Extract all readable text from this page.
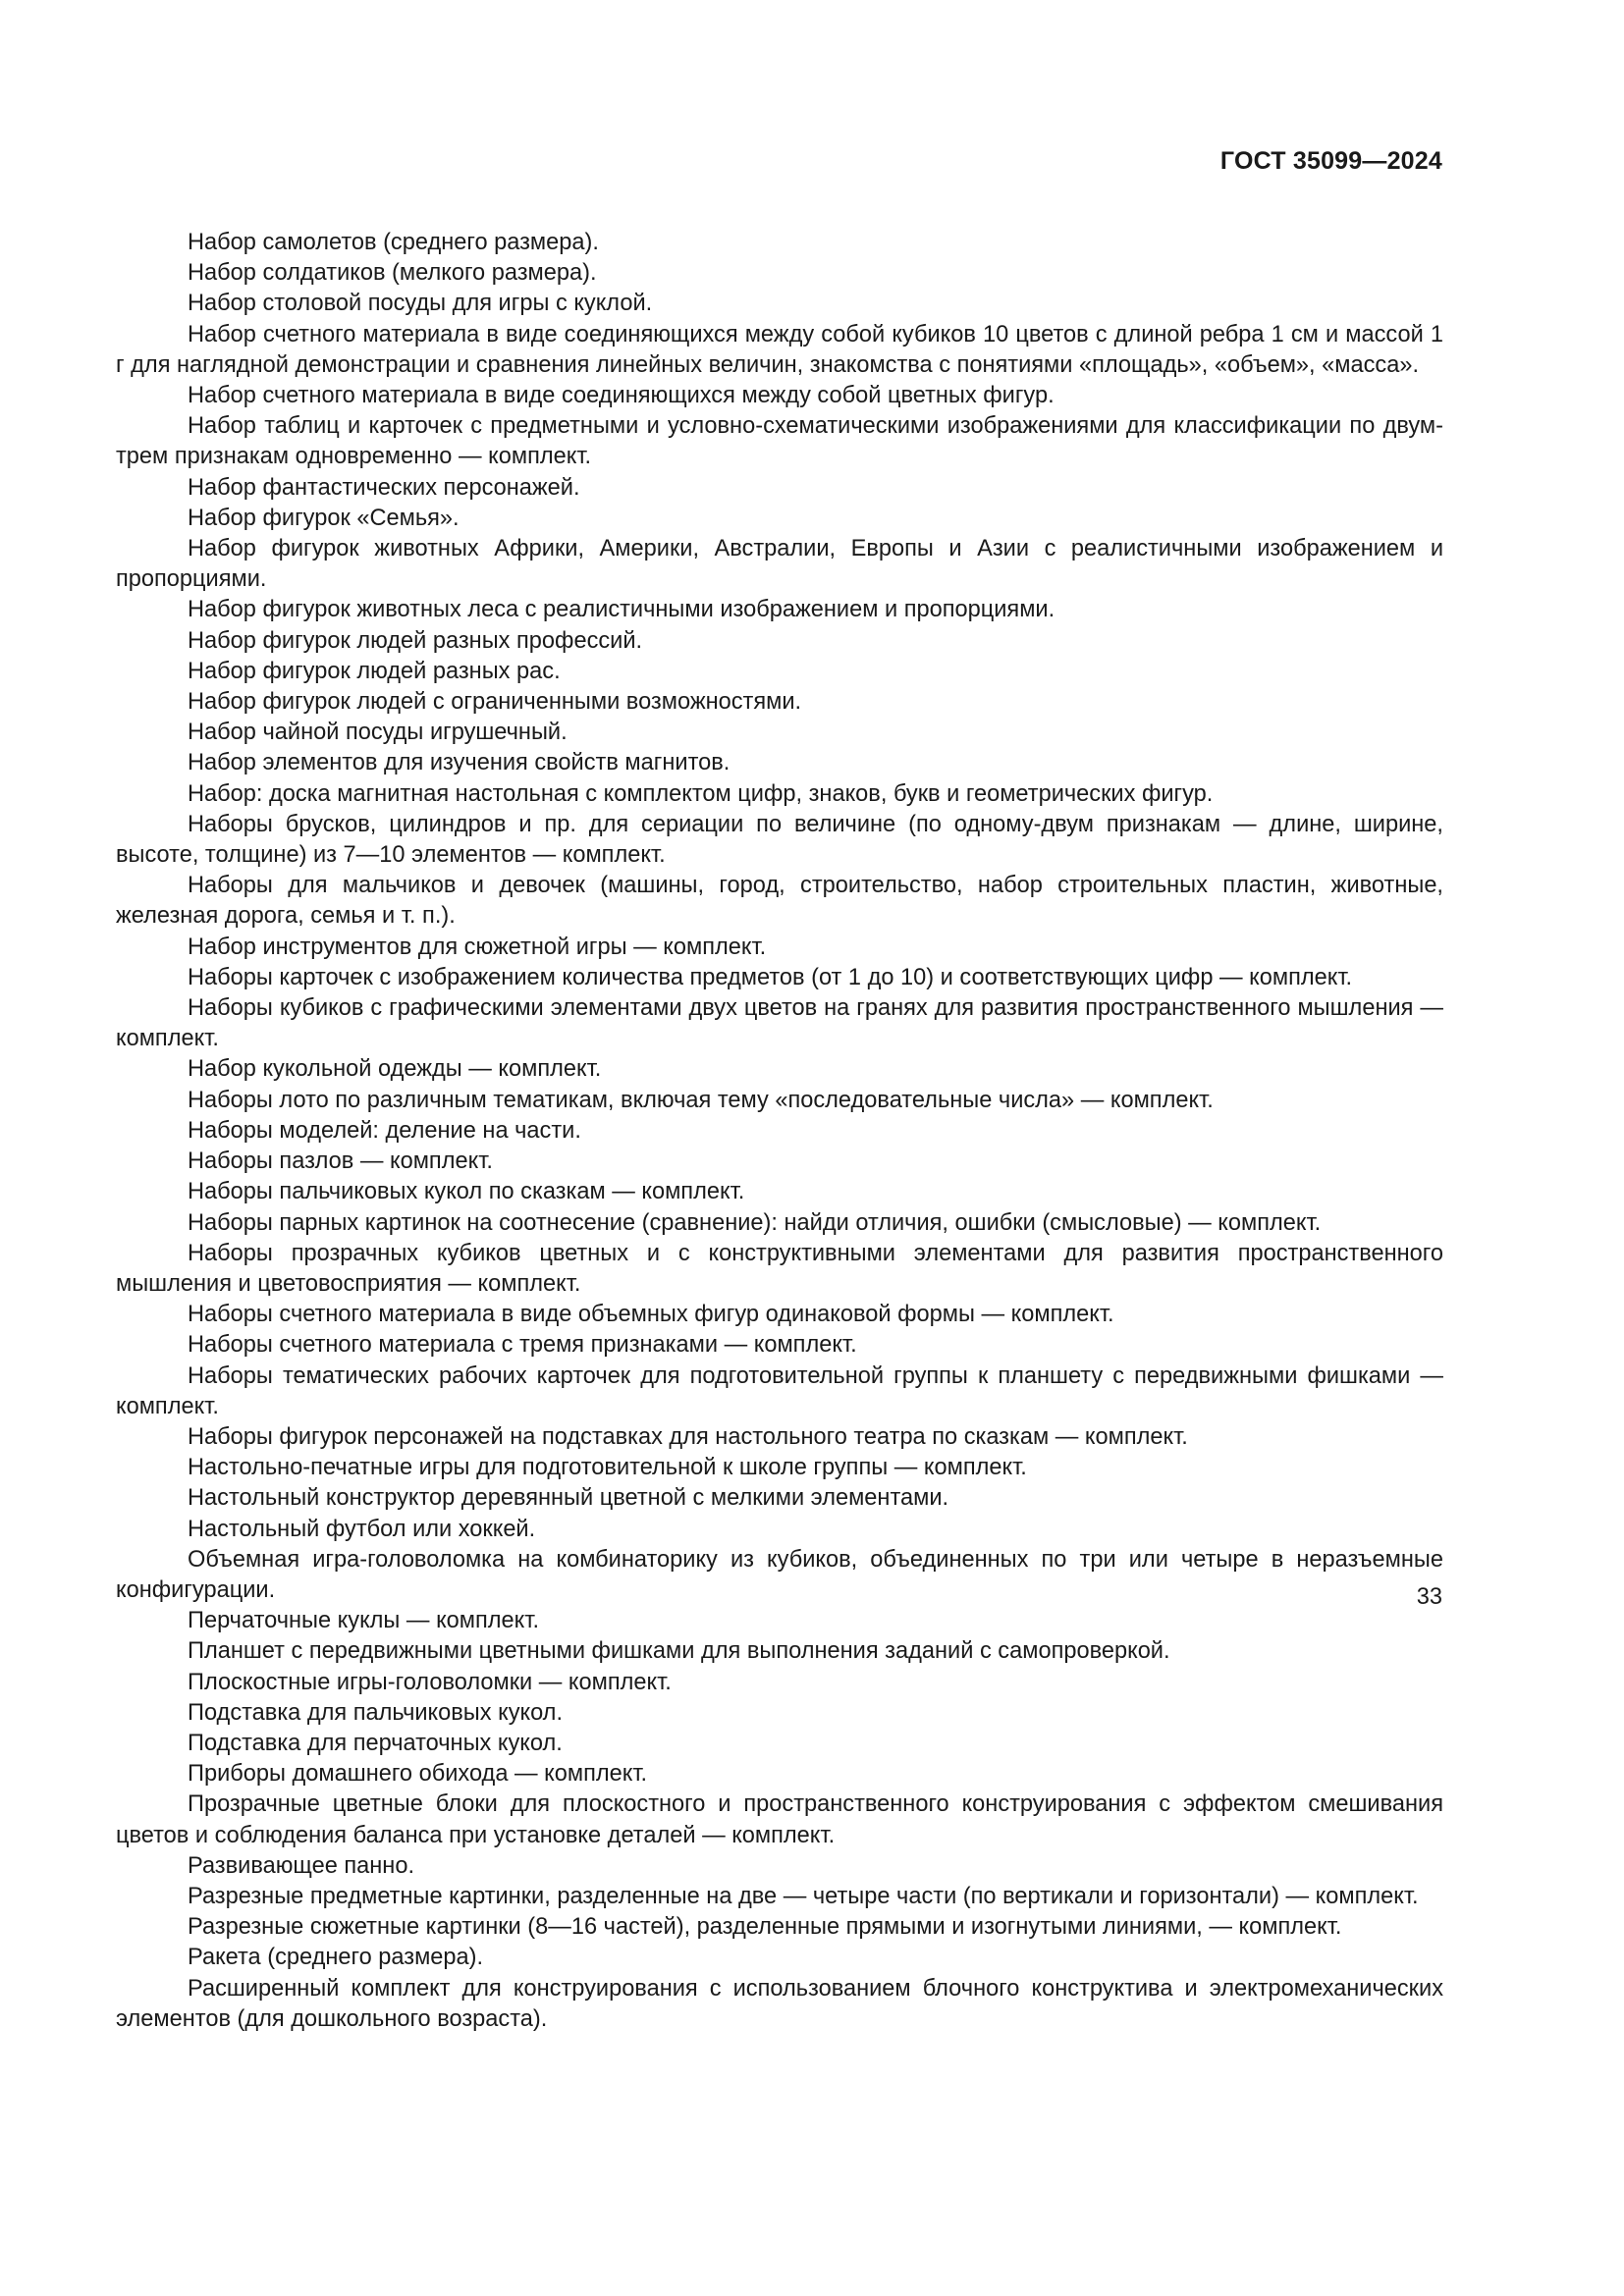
ГОСТ 35099—2024

Набор самолетов (среднего размера).

Набор солдатиков (мелкого размера).

Набор столовой посуды для игры с куклой.

Набор счетного материала в виде соединяющихся между собой кубиков 10 цветов с длиной ребра 1 см и массой 1 г для наглядной демонстрации и сравнения линейных величин, знакомства с понятиями «площадь», «объем», «масса».

Набор счетного материала в виде соединяющихся между собой цветных фигур.

Набор таблиц и карточек с предметными и условно-схематическими изображениями для классификации по двум-трем признакам одновременно — комплект.

Набор фантастических персонажей.

Набор фигурок «Семья».

Набор фигурок животных Африки, Америки, Австралии, Европы и Азии с реалистичными изображением и пропорциями.

Набор фигурок животных леса с реалистичными изображением и пропорциями.

Набор фигурок людей разных профессий.

Набор фигурок людей разных рас.

Набор фигурок людей с ограниченными возможностями.

Набор чайной посуды игрушечный.

Набор элементов для изучения свойств магнитов.

Набор: доска магнитная настольная с комплектом цифр, знаков, букв и геометрических фигур.

Наборы брусков, цилиндров и пр. для сериации по величине (по одному-двум признакам — длине, ширине, высоте, толщине) из 7—10 элементов — комплект.

Наборы для мальчиков и девочек (машины, город, строительство, набор строительных пластин, животные, железная дорога, семья и т. п.).

Набор инструментов для сюжетной игры — комплект.

Наборы карточек с изображением количества предметов (от 1 до 10) и соответствующих цифр — комплект.

Наборы кубиков с графическими элементами двух цветов на гранях для развития пространственного мышления — комплект.

Набор кукольной одежды — комплект.

Наборы лото по различным тематикам, включая тему «последовательные числа» — комплект.

Наборы моделей: деление на части.

Наборы пазлов — комплект.

Наборы пальчиковых кукол по сказкам — комплект.

Наборы парных картинок на соотнесение (сравнение): найди отличия, ошибки (смысловые) — комплект.

Наборы прозрачных кубиков цветных и с конструктивными элементами для развития пространственного мышления и цветовосприятия — комплект.

Наборы счетного материала в виде объемных фигур одинаковой формы — комплект.

Наборы счетного материала с тремя признаками — комплект.

Наборы тематических рабочих карточек для подготовительной группы к планшету с передвижными фишками — комплект.

Наборы фигурок персонажей на подставках для настольного театра по сказкам — комплект.

Настольно-печатные игры для подготовительной к школе группы — комплект.

Настольный конструктор деревянный цветной с мелкими элементами.

Настольный футбол или хоккей.

Объемная игра-головоломка на комбинаторику из кубиков, объединенных по три или четыре в неразъемные конфигурации.

Перчаточные куклы — комплект.

Планшет с передвижными цветными фишками для выполнения заданий с самопроверкой.

Плоскостные игры-головоломки — комплект.

Подставка для пальчиковых кукол.

Подставка для перчаточных кукол.

Приборы домашнего обихода — комплект.

Прозрачные цветные блоки для плоскостного и пространственного конструирования с эффектом смешивания цветов и соблюдения баланса при установке деталей — комплект.

Развивающее панно.

Разрезные предметные картинки, разделенные на две — четыре части (по вертикали и горизонтали) — комплект.

Разрезные сюжетные картинки (8—16 частей), разделенные прямыми и изогнутыми линиями, — комплект.

Ракета (среднего размера).

Расширенный комплект для конструирования с использованием блочного конструктива и электромеханических элементов (для дошкольного возраста).

33
